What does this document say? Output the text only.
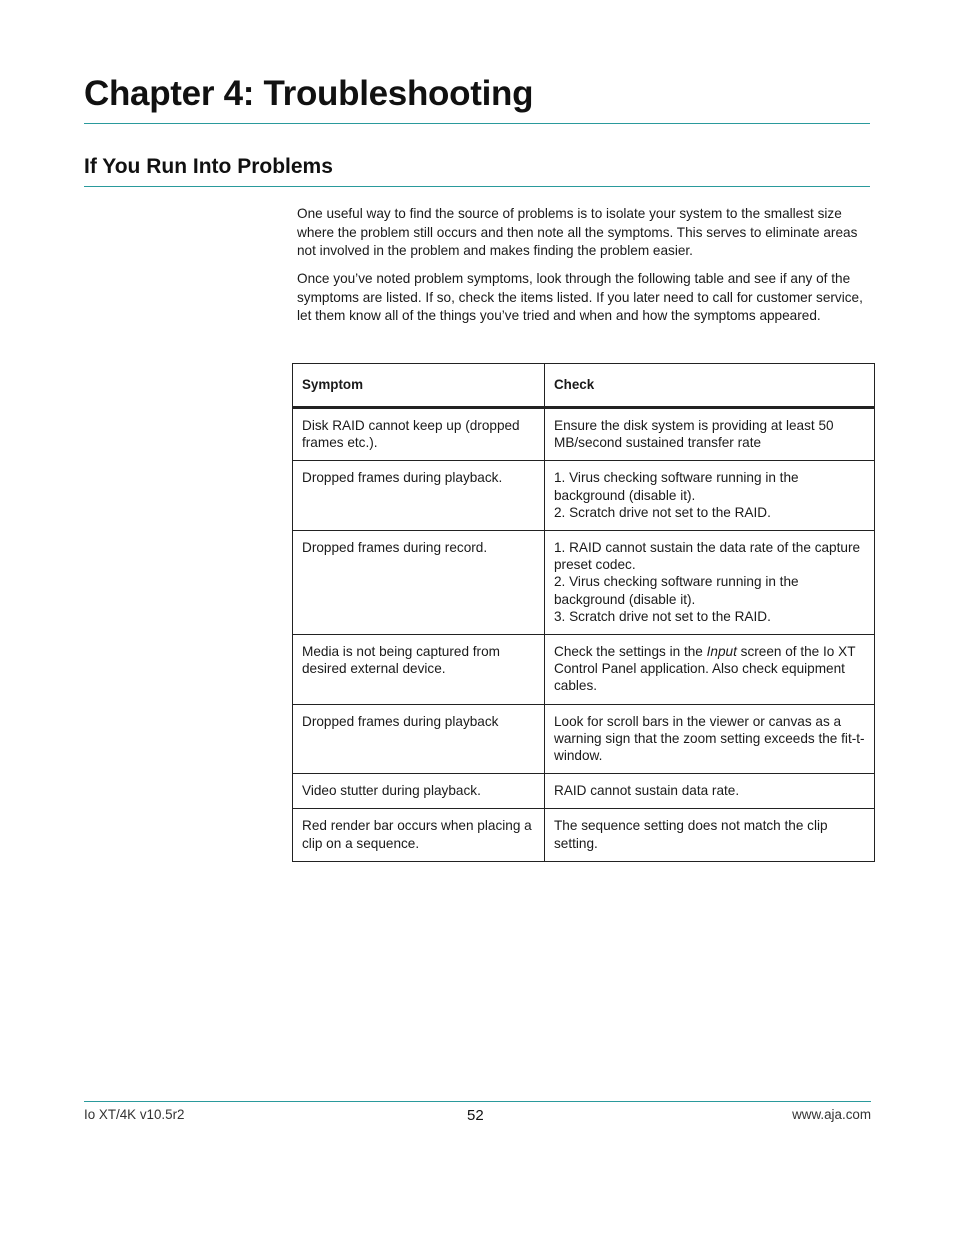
Chapter 4: Troubleshooting
If You Run Into Problems

One useful way to find the source of problems is to isolate your system to the smallest size where the problem still occurs and then note all the symptoms. This serves to eliminate areas not involved in the problem and makes finding the problem easier.

Once you’ve noted problem symptoms, look through the following table and see if any of the symptoms are listed. If so, check the items listed. If you later need to call for customer service, let them know all of the things you’ve tried and when and how the symptoms appeared.

Symptom	Check
Disk RAID cannot keep up (dropped frames etc.).	Ensure the disk system is providing at least 50 MB/second sustained transfer rate

Dropped frames during playback.	1. Virus checking software running in the background (disable it).
2. Scratch drive not set to the RAID.

Dropped frames during record.	1. RAID cannot sustain the data rate of the capture preset codec.
2. Virus checking software running in the background (disable it).
3. Scratch drive not set to the RAID.

Media is not being captured from desired external device.	Check the settings in the Input screen of the Io XT Control Panel application. Also check equipment cables.
Dropped frames during playback	Look for scroll bars in the viewer or canvas as a warning sign that the zoom setting exceeds the fit-t-window.

Video stutter during playback.	RAID cannot sustain data rate.

Red render bar occurs when placing a clip on a sequence.	The sequence setting does not match the clip setting.

Io XT/4K v10.5r2	52	www.aja.com
